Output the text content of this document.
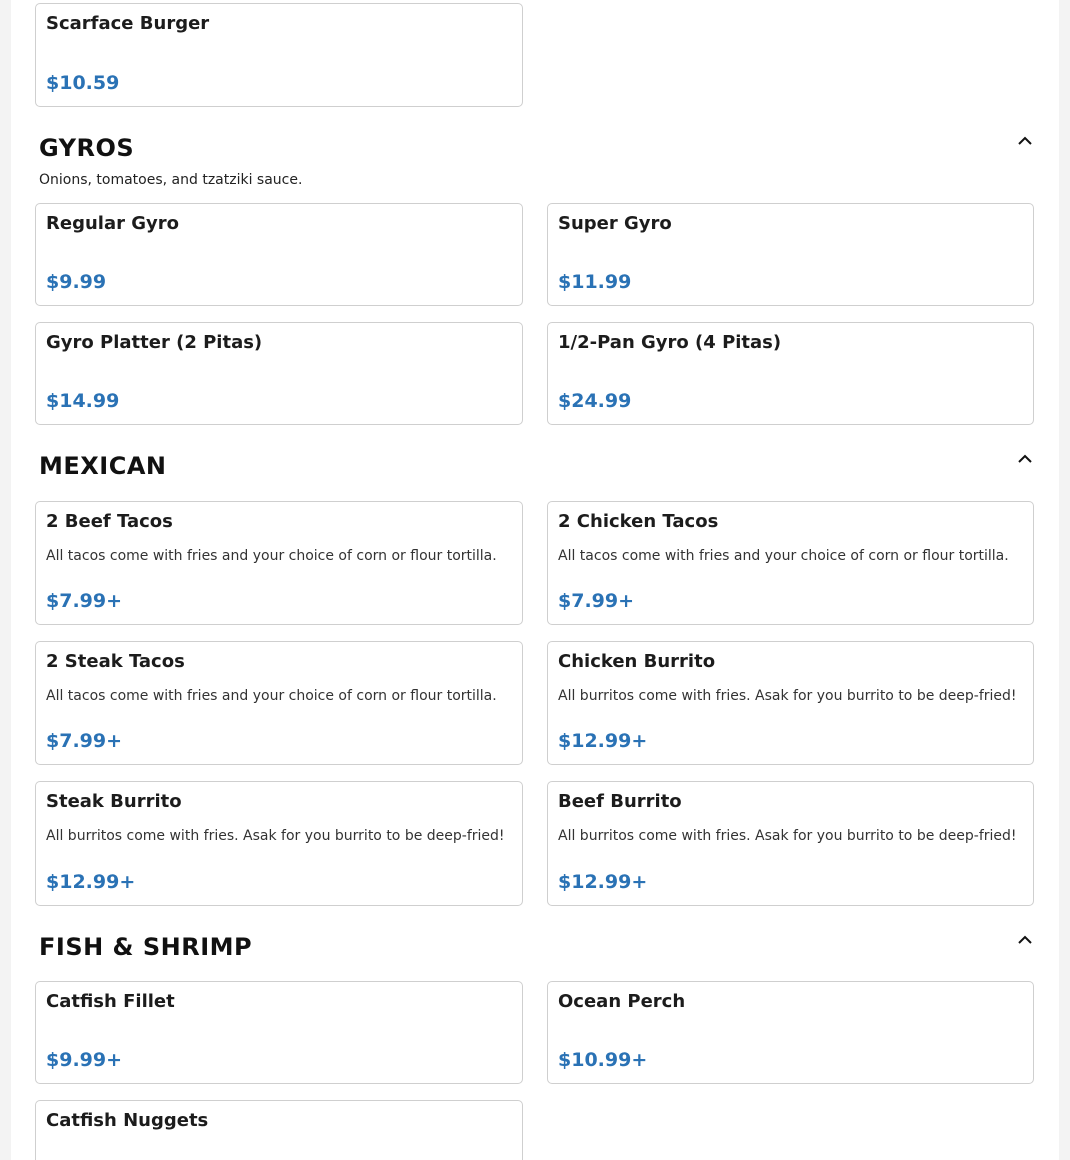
Scarface Burger
$10.59
GYROS
Onions, tomatoes, and tzatziki sauce.
Regular Gyro
$9.99
Super Gyro
$11.99
Gyro Platter (2 Pitas)
$14.99
1/2-Pan Gyro (4 Pitas)
$24.99
MEXICAN
2 Beef Tacos
All tacos come with fries and your choice of corn or flour tortilla.
$7.99+
2 Chicken Tacos
All tacos come with fries and your choice of corn or flour tortilla.
$7.99+
2 Steak Tacos
All tacos come with fries and your choice of corn or flour tortilla.
$7.99+
Chicken Burrito
All burritos come with fries. Asak for you burrito to be deep-fried!
$12.99+
Steak Burrito
All burritos come with fries. Asak for you burrito to be deep-fried!
$12.99+
Beef Burrito
All burritos come with fries. Asak for you burrito to be deep-fried!
$12.99+
FISH & SHRIMP
Catfish Fillet
$9.99+
Ocean Perch
$10.99+
Catfish Nuggets
